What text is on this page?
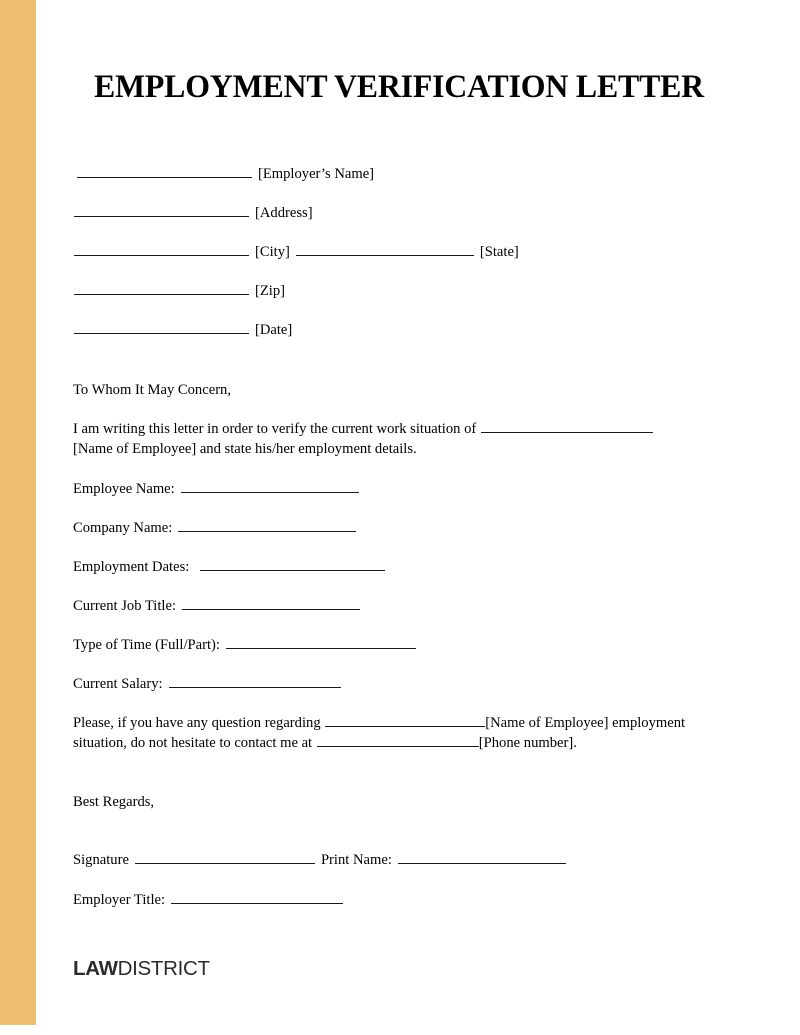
EMPLOYMENT VERIFICATION LETTER
[Employer’s Name]
[Address]
[City]	[State]
[Zip]
[Date]
To Whom It May Concern,
I am writing this letter in order to verify the current work situation of
[Name of Employee] and state his/her employment details.
Employee Name:
Company Name:
Employment Dates:
Current Job Title:
Type of Time (Full/Part):
Current Salary:
Please, if you have any question regarding	[Name of Employee] employment
situation, do not hesitate to contact me at	[Phone number].
Best Regards,
Signature	Print Name:
Employer Title:
LAWDISTRICT
